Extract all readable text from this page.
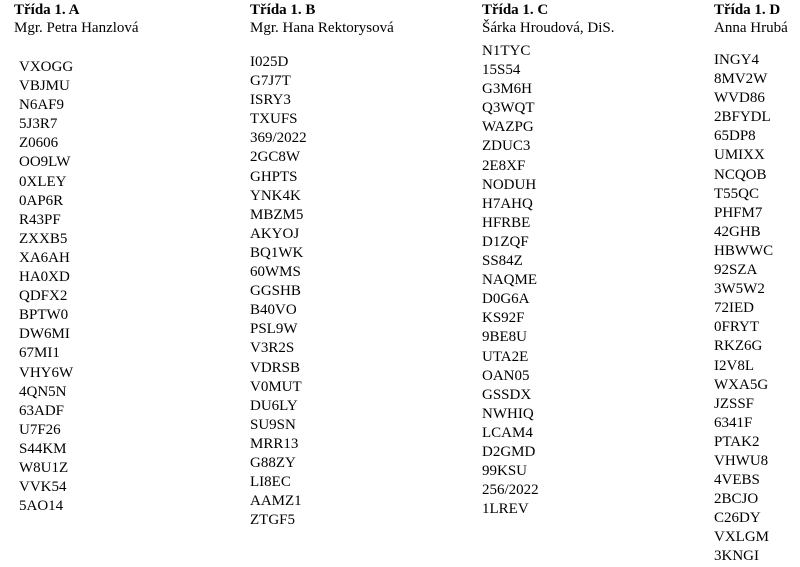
Třída 1. A
Mgr. Petra Hanzlová
VXOGG
VBJMU
N6AF9
5J3R7
Z0606
OO9LW
0XLEY
0AP6R
R43PF
ZXXB5
XA6AH
HA0XD
QDFX2
BPTW0
DW6MI
67MI1
VHY6W
4QN5N
63ADF
U7F26
S44KM
W8U1Z
VVK54
5AO14
Třída 1. B
Mgr. Hana Rektorysová
I025D
G7J7T
ISRY3
TXUFS
369/2022
2GC8W
GHPTS
YNK4K
MBZM5
AKYOJ
BQ1WK
60WMS
GGSHB
B40VO
PSL9W
V3R2S
VDRSB
V0MUT
DU6LY
SU9SN
MRR13
G88ZY
LI8EC
AAMZ1
ZTGF5
Třída 1. C
Šárka Hroudová, DiS.
N1TYC
15S54
G3M6H
Q3WQT
WAZPG
ZDUC3
2E8XF
NODUH
H7AHQ
HFRBE
D1ZQF
SS84Z
NAQME
D0G6A
KS92F
9BE8U
UTA2E
OAN05
GSSDX
NWHIQ
LCAM4
D2GMD
99KSU
256/2022
1LREV
Třída 1. D
Anna Hrubá
INGY4
8MV2W
WVD86
2BFYDL
65DP8
UMIXX
NCQOB
T55QC
PHFM7
42GHB
HBWWC
92SZA
3W5W2
72IED
0FRYT
RKZ6G
I2V8L
WXA5G
JZSSF
6341F
PTAK2
VHWU8
4VEBS
2BCJO
C26DY
VXLGM
3KNGI
